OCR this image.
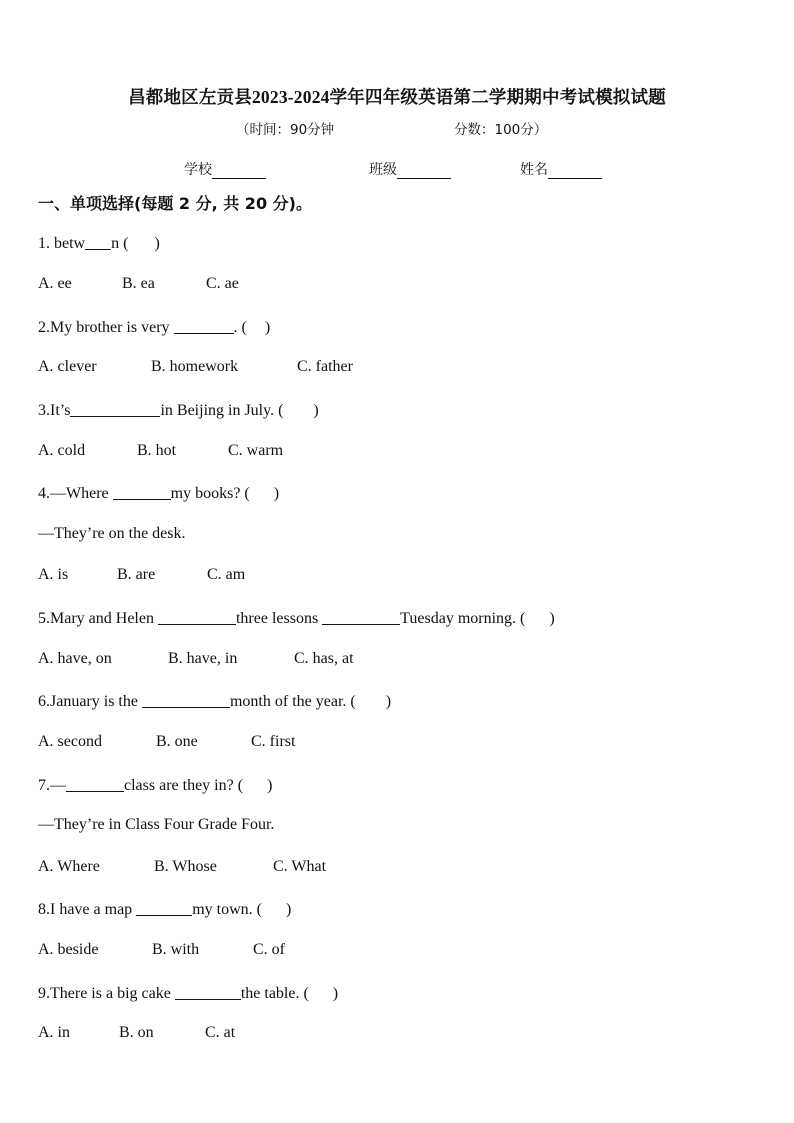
昌都地区左贡县2023-2024学年四年级英语第二学期期中考试模拟试题
（时间：90分钟	分数：100分）
学校	班级	姓名
一、单项选择(每题 2 分, 共 20 分)。
1. betw n ( )
A. ee	B. ea	C. ae
2.My brother is very	. ( )
A. clever	B. homework	C. father
3.It’s	in Beijing in July. ( )
A. cold	B. hot	C. warm
4.—Where	my books? ( )
—They’re on the desk.
A. is	B. are	C. am
5.Mary and Helen	three lessons	Tuesday morning. ( )
A. have, on	B. have, in	C. has, at
6.January is the	month of the year. ( )
A. second	B. one	C. first
7.—	class are they in? ( )
—They’re in Class Four Grade Four.
A. Where	B. Whose	C. What
8.I have a map	my town. ( )
A. beside	B. with	C. of
9.There is a big cake	the table. ( )
A. in	B. on	C. at
